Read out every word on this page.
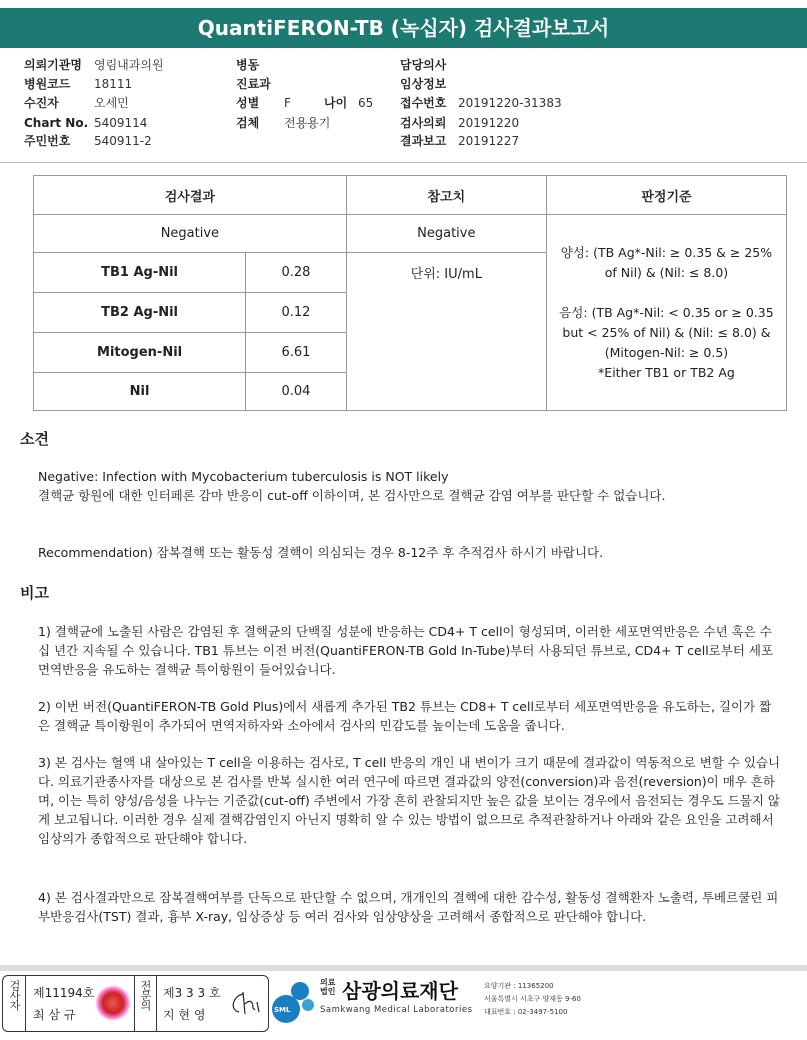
QuantiFERON-TB (녹십자) 검사결과보고서
의뢰기관명 영림내과의원
병원코드 18111
수진자	오세민
Chart No. 5409114
주민번호 540911-2
병동
진료과
성별 F	나이 65
검체 전용용기
담당의사
임상정보
접수번호 20191220-31383
검사의뢰 20191220
결과보고 20191227
검사결과		참고치	판정기준
Negative		Negative	양성: (TB Ag*-Nil: ≥ 0.35 & ≥ 25% of Nil) & (Nil: ≤ 8.0)
음성: (TB Ag*-Nil: < 0.35 or ≥ 0.35 but < 25% of Nil) & (Nil: ≤ 8.0) & (Mitogen-Nil: ≥ 0.5)
*Either TB1 or TB2 Ag

TB1 Ag-Nil	0.28	단위: IU/mL	
TB2 Ag-Nil	0.12		
Mitogen-Nil	6.61		
Nil	0.04		
소견
Negative: Infection with Mycobacterium tuberculosis is NOT likely
결핵균 항원에 대한 인터페론 감마 반응이 cut-off 이하이며, 본 검사만으로 결핵균 감염 여부를 판단할 수 없습니다.
Recommendation) 잠복결핵 또는 활동성 결핵이 의심되는 경우 8-12주 후 추적검사 하시기 바랍니다.
비고
1) 결핵균에 노출된 사람은 감염된 후 결핵균의 단백질 성분에 반응하는 CD4+ T cell이 형성되며, 이러한 세포면역반응은 수년 혹은 수십 년간 지속될 수 있습니다. TB1 튜브는 이전 버전(QuantiFERON-TB Gold In-Tube)부터 사용되던 튜브로, CD4+ T cell로부터 세포면역반응을 유도하는 결핵균 특이항원이 들어있습니다.
2) 이번 버전(QuantiFERON-TB Gold Plus)에서 새롭게 추가된 TB2 튜브는 CD8+ T cell로부터 세포면역반응을 유도하는, 길이가 짧은 결핵균 특이항원이 추가되어 면역저하자와 소아에서 검사의 민감도를 높이는데 도움을 줍니다.
3) 본 검사는 혈액 내 살아있는 T cell을 이용하는 검사로, T cell 반응의 개인 내 변이가 크기 때문에 결과값이 역동적으로 변할 수 있습니다. 의료기관종사자를 대상으로 본 검사를 반복 실시한 여러 연구에 따르면 결과값의 양전(conversion)과 음전(reversion)이 매우 흔하며, 이는 특히 양성/음성을 나누는 기준값(cut-off) 주변에서 가장 흔히 관찰되지만 높은 값을 보이는 경우에서 음전되는 경우도 드물지 않게 보고됩니다. 이러한 경우 실제 결핵감염인지 아닌지 명확히 알 수 있는 방법이 없으므로 추적관찰하거나 아래와 같은 요인을 고려해서 임상의가 종합적으로 판단해야 합니다.
4) 본 검사결과만으로 잠복결핵여부를 단독으로 판단할 수 없으며, 개개인의 결핵에 대한 감수성, 활동성 결핵환자 노출력, 투베르쿨린 피부반응검사(TST) 결과, 흉부 X-ray, 임상증상 등 여러 검사와 임상양상을 고려해서 종합적으로 판단해야 합니다.
검사자 제11194호
최 삼 규
전문의 제3 3 3 호
지 현 영	SML
의료법인 삼광의료재단
Samkwang Medical Laboratories
요양기관 : 11365200
서울특별시 서초구 양재동 9-60
대표번호 : 02-3497-5100
